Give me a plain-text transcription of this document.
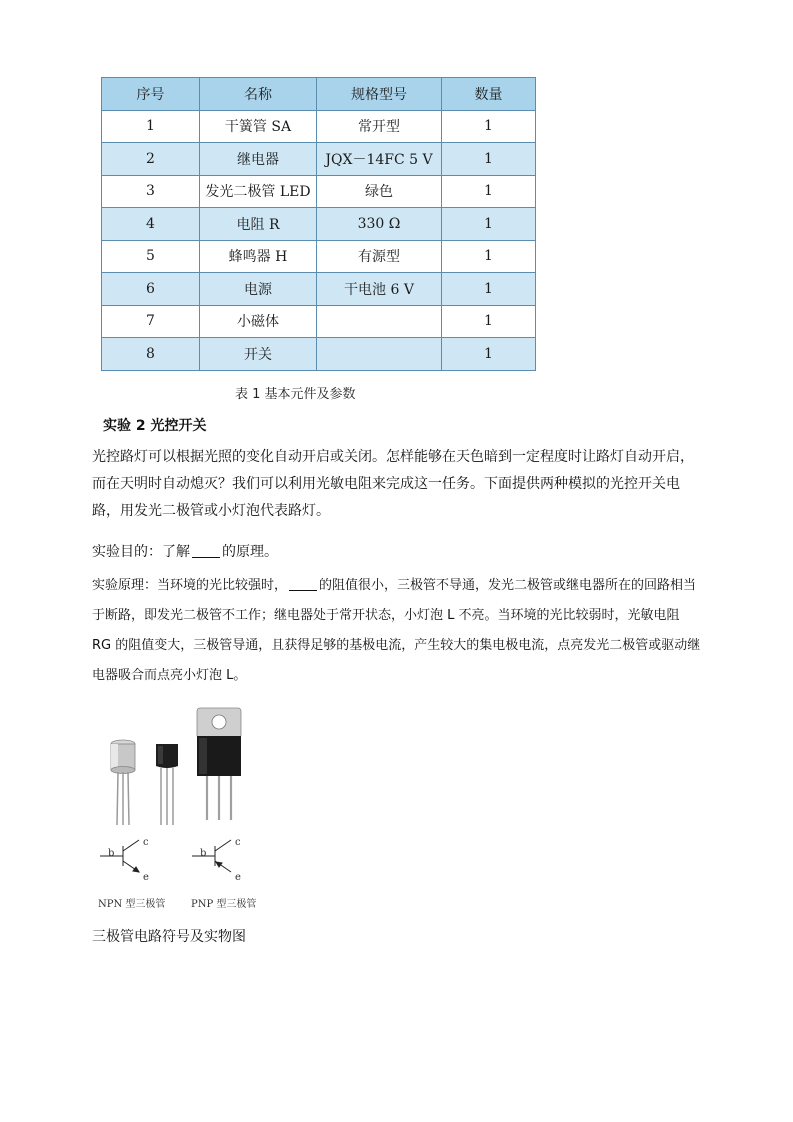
序号	名称	规格型号	数量
1	干簧管 SA	常开型	1
2	继电器	JQX－14FC 5 V	1
3	发光二极管 LED	绿色	1
4	电阻 R	330 Ω	1
5	蜂鸣器 H	有源型	1
6	电源	干电池 6 V	1
7	小磁体		1
8	开关		1
表 1 基本元件及参数
实验 2 光控开关

光控路灯可以根据光照的变化自动开启或关闭。怎样能够在天色暗到一定程度时让路灯自动开启，而在天明时自动熄灭？我们可以利用光敏电阻来完成这一任务。下面提供两种模拟的光控开关电路，用发光二极管或小灯泡代表路灯。

实验目的：了解 的原理。

实验原理：当环境的光比较强时， 的阻值很小，三极管不导通，发光二极管或继电器所在的回路相当于断路，即发光二极管不工作；继电器处于常开状态，小灯泡 L 不亮。当环境的光比较弱时，光敏电阻 RG 的阻值变大，三极管导通，且获得足够的基极电流，产生较大的集电极电流，点亮发光二极管或驱动继电器吸合而点亮小灯泡 L。

b
c
e
b
c
e
NPN 型三极管	PNP 型三极管
三极管电路符号及实物图
